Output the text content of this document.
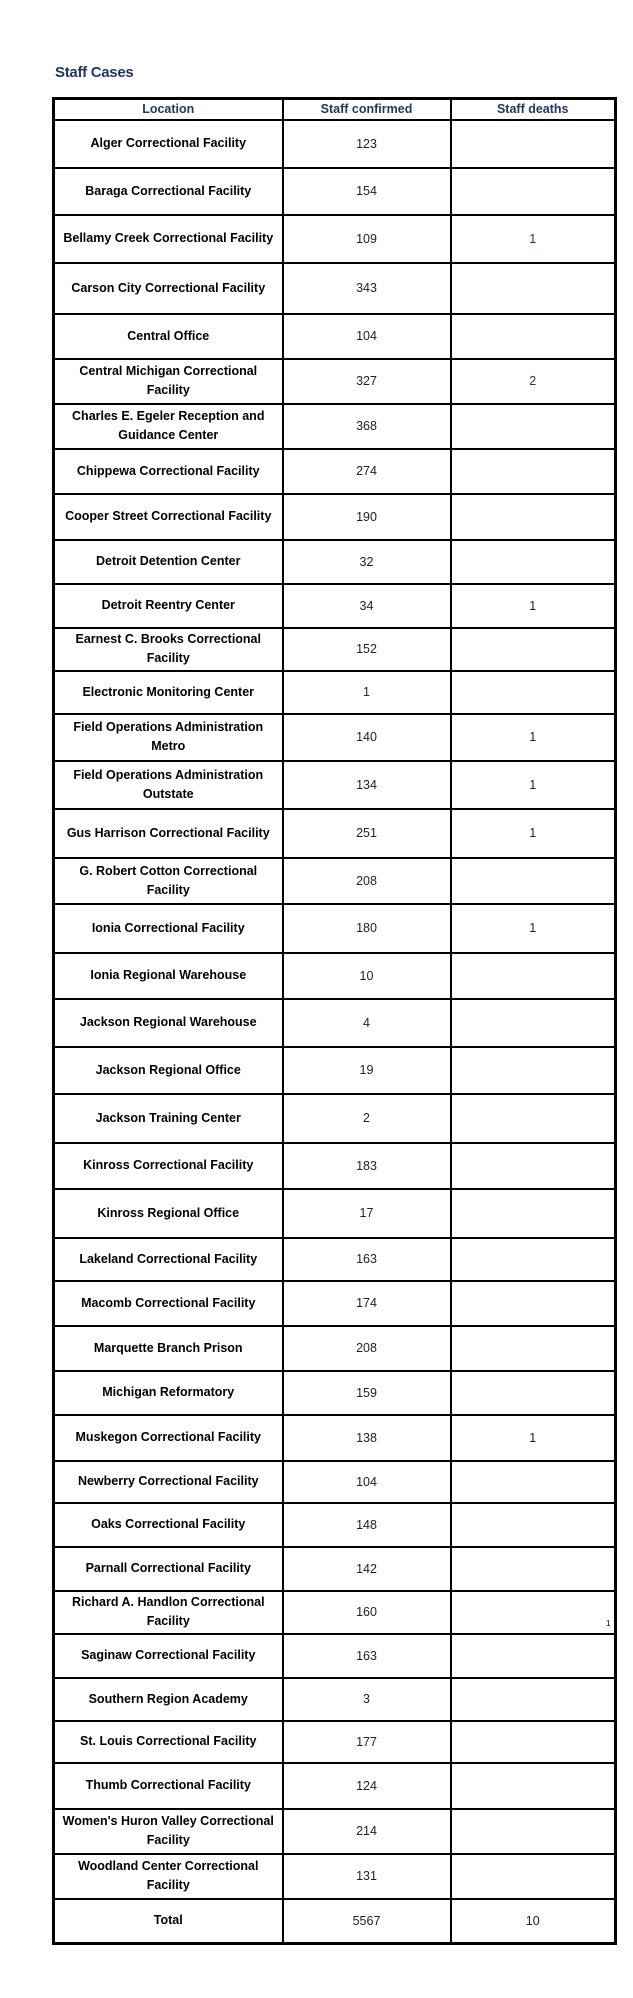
Staff Cases
Location	Staff confirmed	Staff deaths
Alger Correctional Facility	123	
Baraga Correctional Facility	154	
Bellamy Creek Correctional Facility	109	1
Carson City Correctional Facility	343	
Central Office	104	
Central Michigan Correctional Facility	327	2
Charles E. Egeler Reception and Guidance Center	368	
Chippewa Correctional Facility	274	
Cooper Street Correctional Facility	190	
Detroit Detention Center	32	
Detroit Reentry Center	34	1
Earnest C. Brooks Correctional Facility	152	
Electronic Monitoring Center	1	
Field Operations Administration Metro	140	1
Field Operations Administration Outstate	134	1
Gus Harrison Correctional Facility	251	1
G. Robert Cotton Correctional Facility	208	
Ionia Correctional Facility	180	1
Ionia Regional Warehouse	10	
Jackson Regional Warehouse	4	
Jackson Regional Office	19	
Jackson Training Center	2	
Kinross Correctional Facility	183	
Kinross Regional Office	17	
Lakeland Correctional Facility	163	
Macomb Correctional Facility	174	
Marquette Branch Prison	208	
Michigan Reformatory	159	
Muskegon Correctional Facility	138	1
Newberry Correctional Facility	104	
Oaks Correctional Facility	148	
Parnall Correctional Facility	142	
Richard A. Handlon Correctional Facility	160	
Saginaw Correctional Facility	163	
Southern Region Academy	3	
St. Louis Correctional Facility	177	
Thumb Correctional Facility	124	
Women's Huron Valley Correctional Facility	214	
Woodland Center Correctional Facility	131	
Total	5567	10
1
